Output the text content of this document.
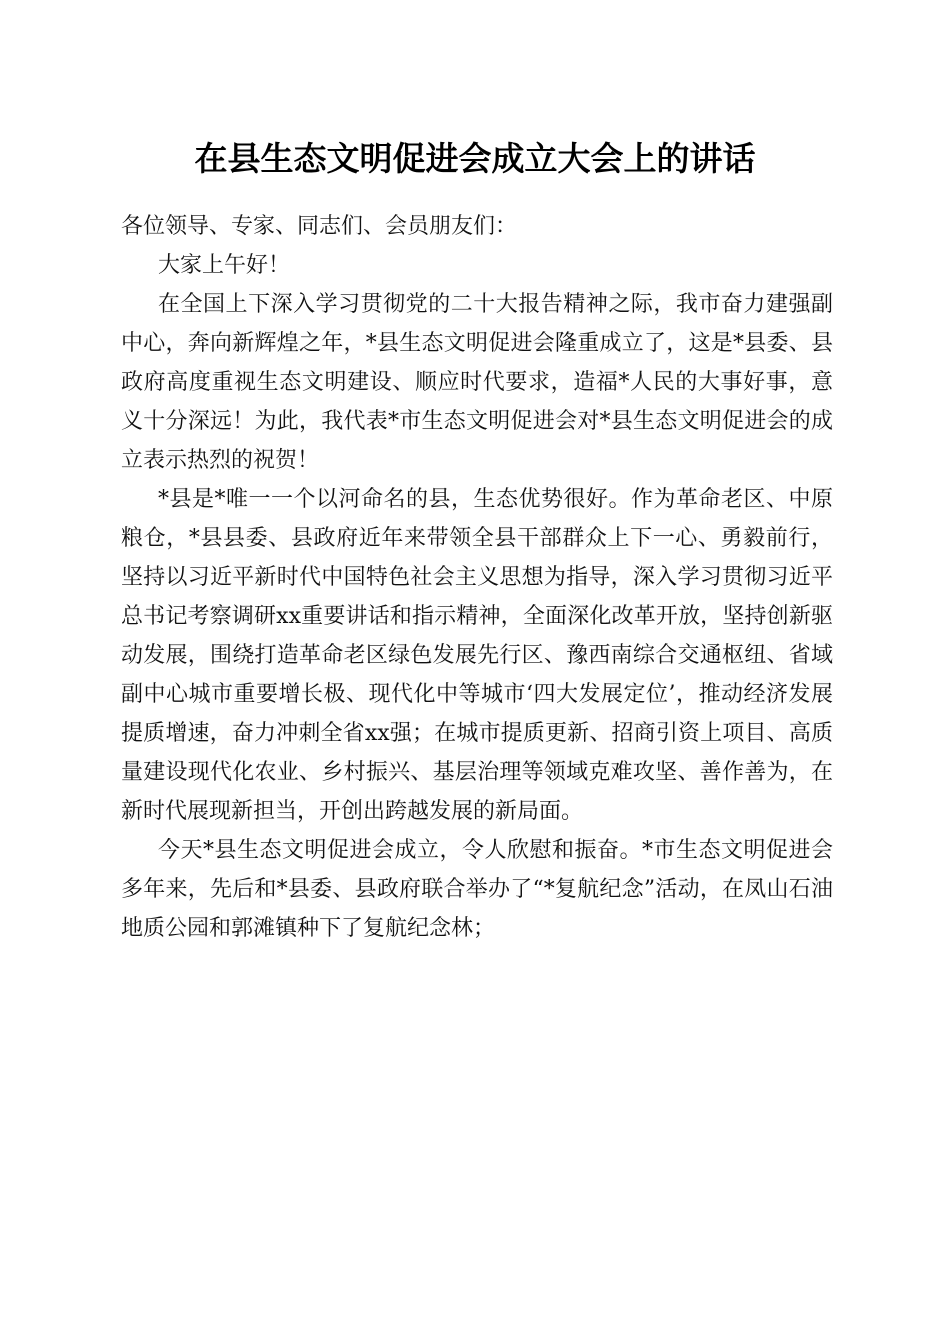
在县生态文明促进会成立大会上的讲话

各位领导、专家、同志们、会员朋友们：

大家上午好！

在全国上下深入学习贯彻党的二十大报告精神之际，我市奋力建强副中心，奔向新辉煌之年，*县生态文明促进会隆重成立了，这是*县委、县政府高度重视生态文明建设、顺应时代要求，造福*人民的大事好事，意义十分深远！为此，我代表*市生态文明促进会对*县生态文明促进会的成立表示热烈的祝贺！

*县是*唯一一个以河命名的县，生态优势很好。作为革命老区、中原粮仓，*县县委、县政府近年来带领全县干部群众上下一心、勇毅前行，坚持以习近平新时代中国特色社会主义思想为指导，深入学习贯彻习近平总书记考察调研xx重要讲话和指示精神，全面深化改革开放，坚持创新驱动发展，围绕打造革命老区绿色发展先行区、豫西南综合交通枢纽、省域副中心城市重要增长极、现代化中等城市‘四大发展定位’，推动经济发展提质增速，奋力冲刺全省xx强；在城市提质更新、招商引资上项目、高质量建设现代化农业、乡村振兴、基层治理等领域克难攻坚、善作善为，在新时代展现新担当，开创出跨越发展的新局面。

今天*县生态文明促进会成立，令人欣慰和振奋。*市生态文明促进会多年来，先后和*县委、县政府联合举办了“*复航纪念”活动，在凤山石油地质公园和郭滩镇种下了复航纪念林；
